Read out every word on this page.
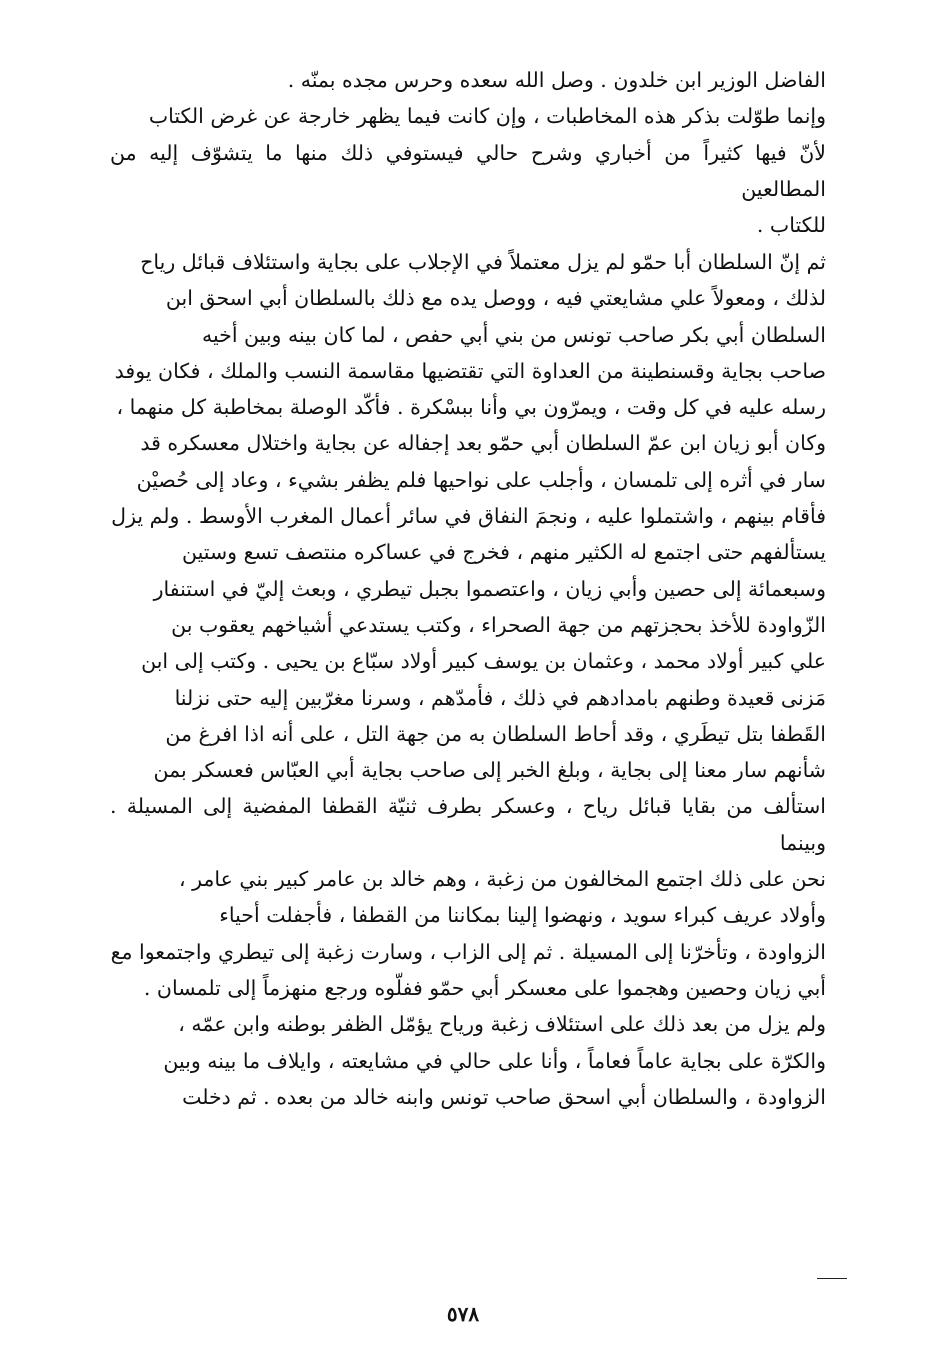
الفاضل الوزير ابن خلدون . وصل الله سعده وحرس مجده بمنّه .

وإنما طوّلت بذكر هذه المخاطبات ، وإن كانت فيما يظهر خارجة عن غرض الكتاب

لأنّ فيها كثيراً من أخباري وشرح حالي فيستوفي ذلك منها ما يتشوّف إليه من المطالعين

للكتاب .

ثم إنّ السلطان أبا حمّو لم يزل معتملاً في الإجلاب على بجاية واستئلاف قبائل رياح

لذلك ، ومعولاً علي مشايعتي فيه ، ووصل يده مع ذلك بالسلطان أبي اسحق ابن

السلطان أبي بكر صاحب تونس من بني أبي حفص ، لما كان بينه وبين أخيه

صاحب بجاية وقسنطينة من العداوة التي تقتضيها مقاسمة النسب والملك ، فكان يوفد

رسله عليه في كل وقت ، ويمرّون بي وأنا ببسْكرة . فأكّد الوصلة بمخاطبة كل منهما ،

وكان أبو زيان ابن عمّ السلطان أبي حمّو بعد إجفاله عن بجاية واختلال معسكره قد

سار في أثره إلى تلمسان ، وأجلب على نواحيها فلم يظفر بشيء ، وعاد إلى حُصيْن

فأقام بينهم ، واشتملوا عليه ، ونجمَ النفاق في سائر أعمال المغرب الأوسط . ولم يزل

يستألفهم حتى اجتمع له الكثير منهم ، فخرج في عساكره منتصف تسع وستين

وسبعمائة إلى حصين وأبي زيان ، واعتصموا بجبل تيطري ، وبعث إليّ في استنفار

الزّواودة للأخذ بحجزتهم من جهة الصحراء ، وكتب يستدعي أشياخهم يعقوب بن

علي كبير أولاد محمد ، وعثمان بن يوسف كبير أولاد سبّاع بن يحيى . وكتب إلى ابن

مَزنى قعيدة وطنهم بامدادهم في ذلك ، فأمدّهم ، وسرنا مغرّبين إليه حتى نزلنا

القَطفا بتل تيطَري ، وقد أحاط السلطان به من جهة التل ، على أنه اذا افرغ من

شأنهم سار معنا إلى بجاية ، وبلغ الخبر إلى صاحب بجاية أبي العبّاس فعسكر بمن

استألف من بقايا قبائل رياح ، وعسكر بطرف ثنيّة القطفا المفضية إلى المسيلة . وبينما

نحن على ذلك اجتمع المخالفون من زغبة ، وهم خالد بن عامر كبير بني عامر ،

وأولاد عريف كبراء سويد ، ونهضوا إلينا بمكاننا من القطفا ، فأجفلت أحياء

الزواودة ، وتأخرّنا إلى المسيلة . ثم إلى الزاب ، وسارت زغبة إلى تيطري واجتمعوا مع

أبي زيان وحصين وهجموا على معسكر أبي حمّو ففلّوه ورجع منهزماً إلى تلمسان .

ولم يزل من بعد ذلك على استئلاف زغبة ورياح يؤمّل الظفر بوطنه وابن عمّه ،

والكرّة على بجاية عاماً فعاماً ، وأنا على حالي في مشايعته ، وايلاف ما بينه وبين

الزواودة ، والسلطان أبي اسحق صاحب تونس وابنه خالد من بعده . ثم دخلت

٥٧٨
